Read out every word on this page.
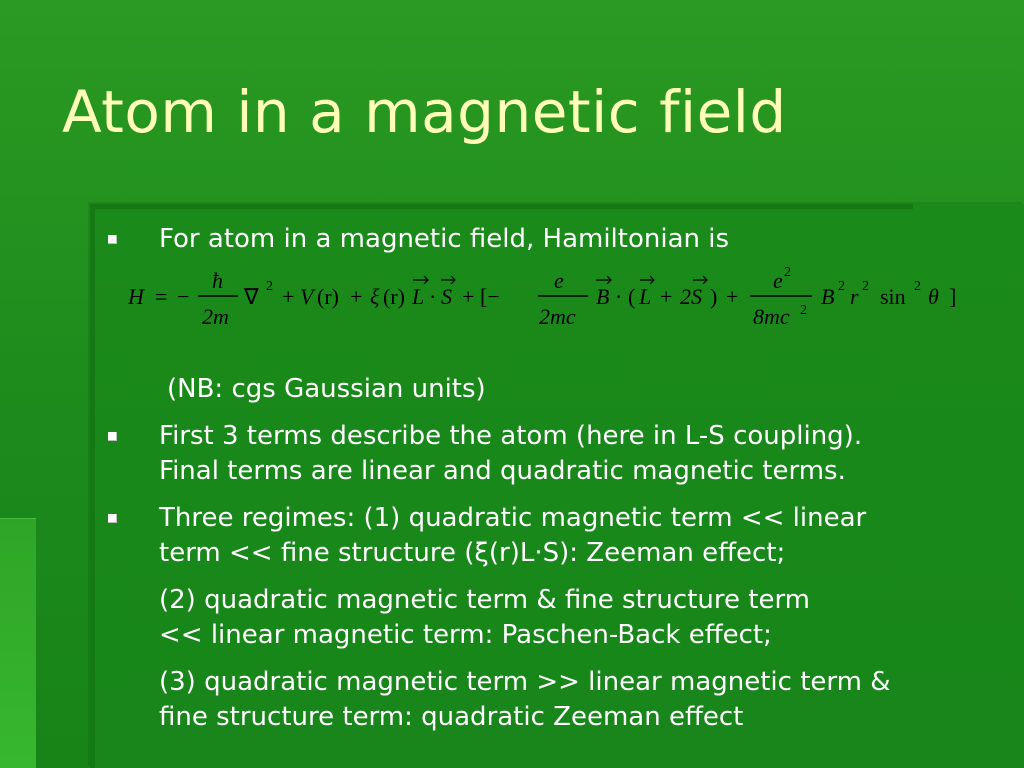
Atom in a magnetic field
For atom in a magnetic field, Hamiltonian is
(NB: cgs Gaussian units)
First 3 terms describe the atom (here in L-S coupling).
Final terms are linear and quadratic magnetic terms.
Three regimes: (1) quadratic magnetic term << linear
term << fine structure (ξ(r)L·S): Zeeman effect;
(2) quadratic magnetic term & fine structure term
<< linear magnetic term: Paschen-Back effect;
(3) quadratic magnetic term >> linear magnetic term &
fine structure term: quadratic Zeeman effect
H = −
ħ
2m
∇ 2 + V (r) + ξ (r) L · S + [−
e
2mc
B · ( L + 2S ) +
e 2
8mc 2
B 2 r 2 sin 2 θ ]
